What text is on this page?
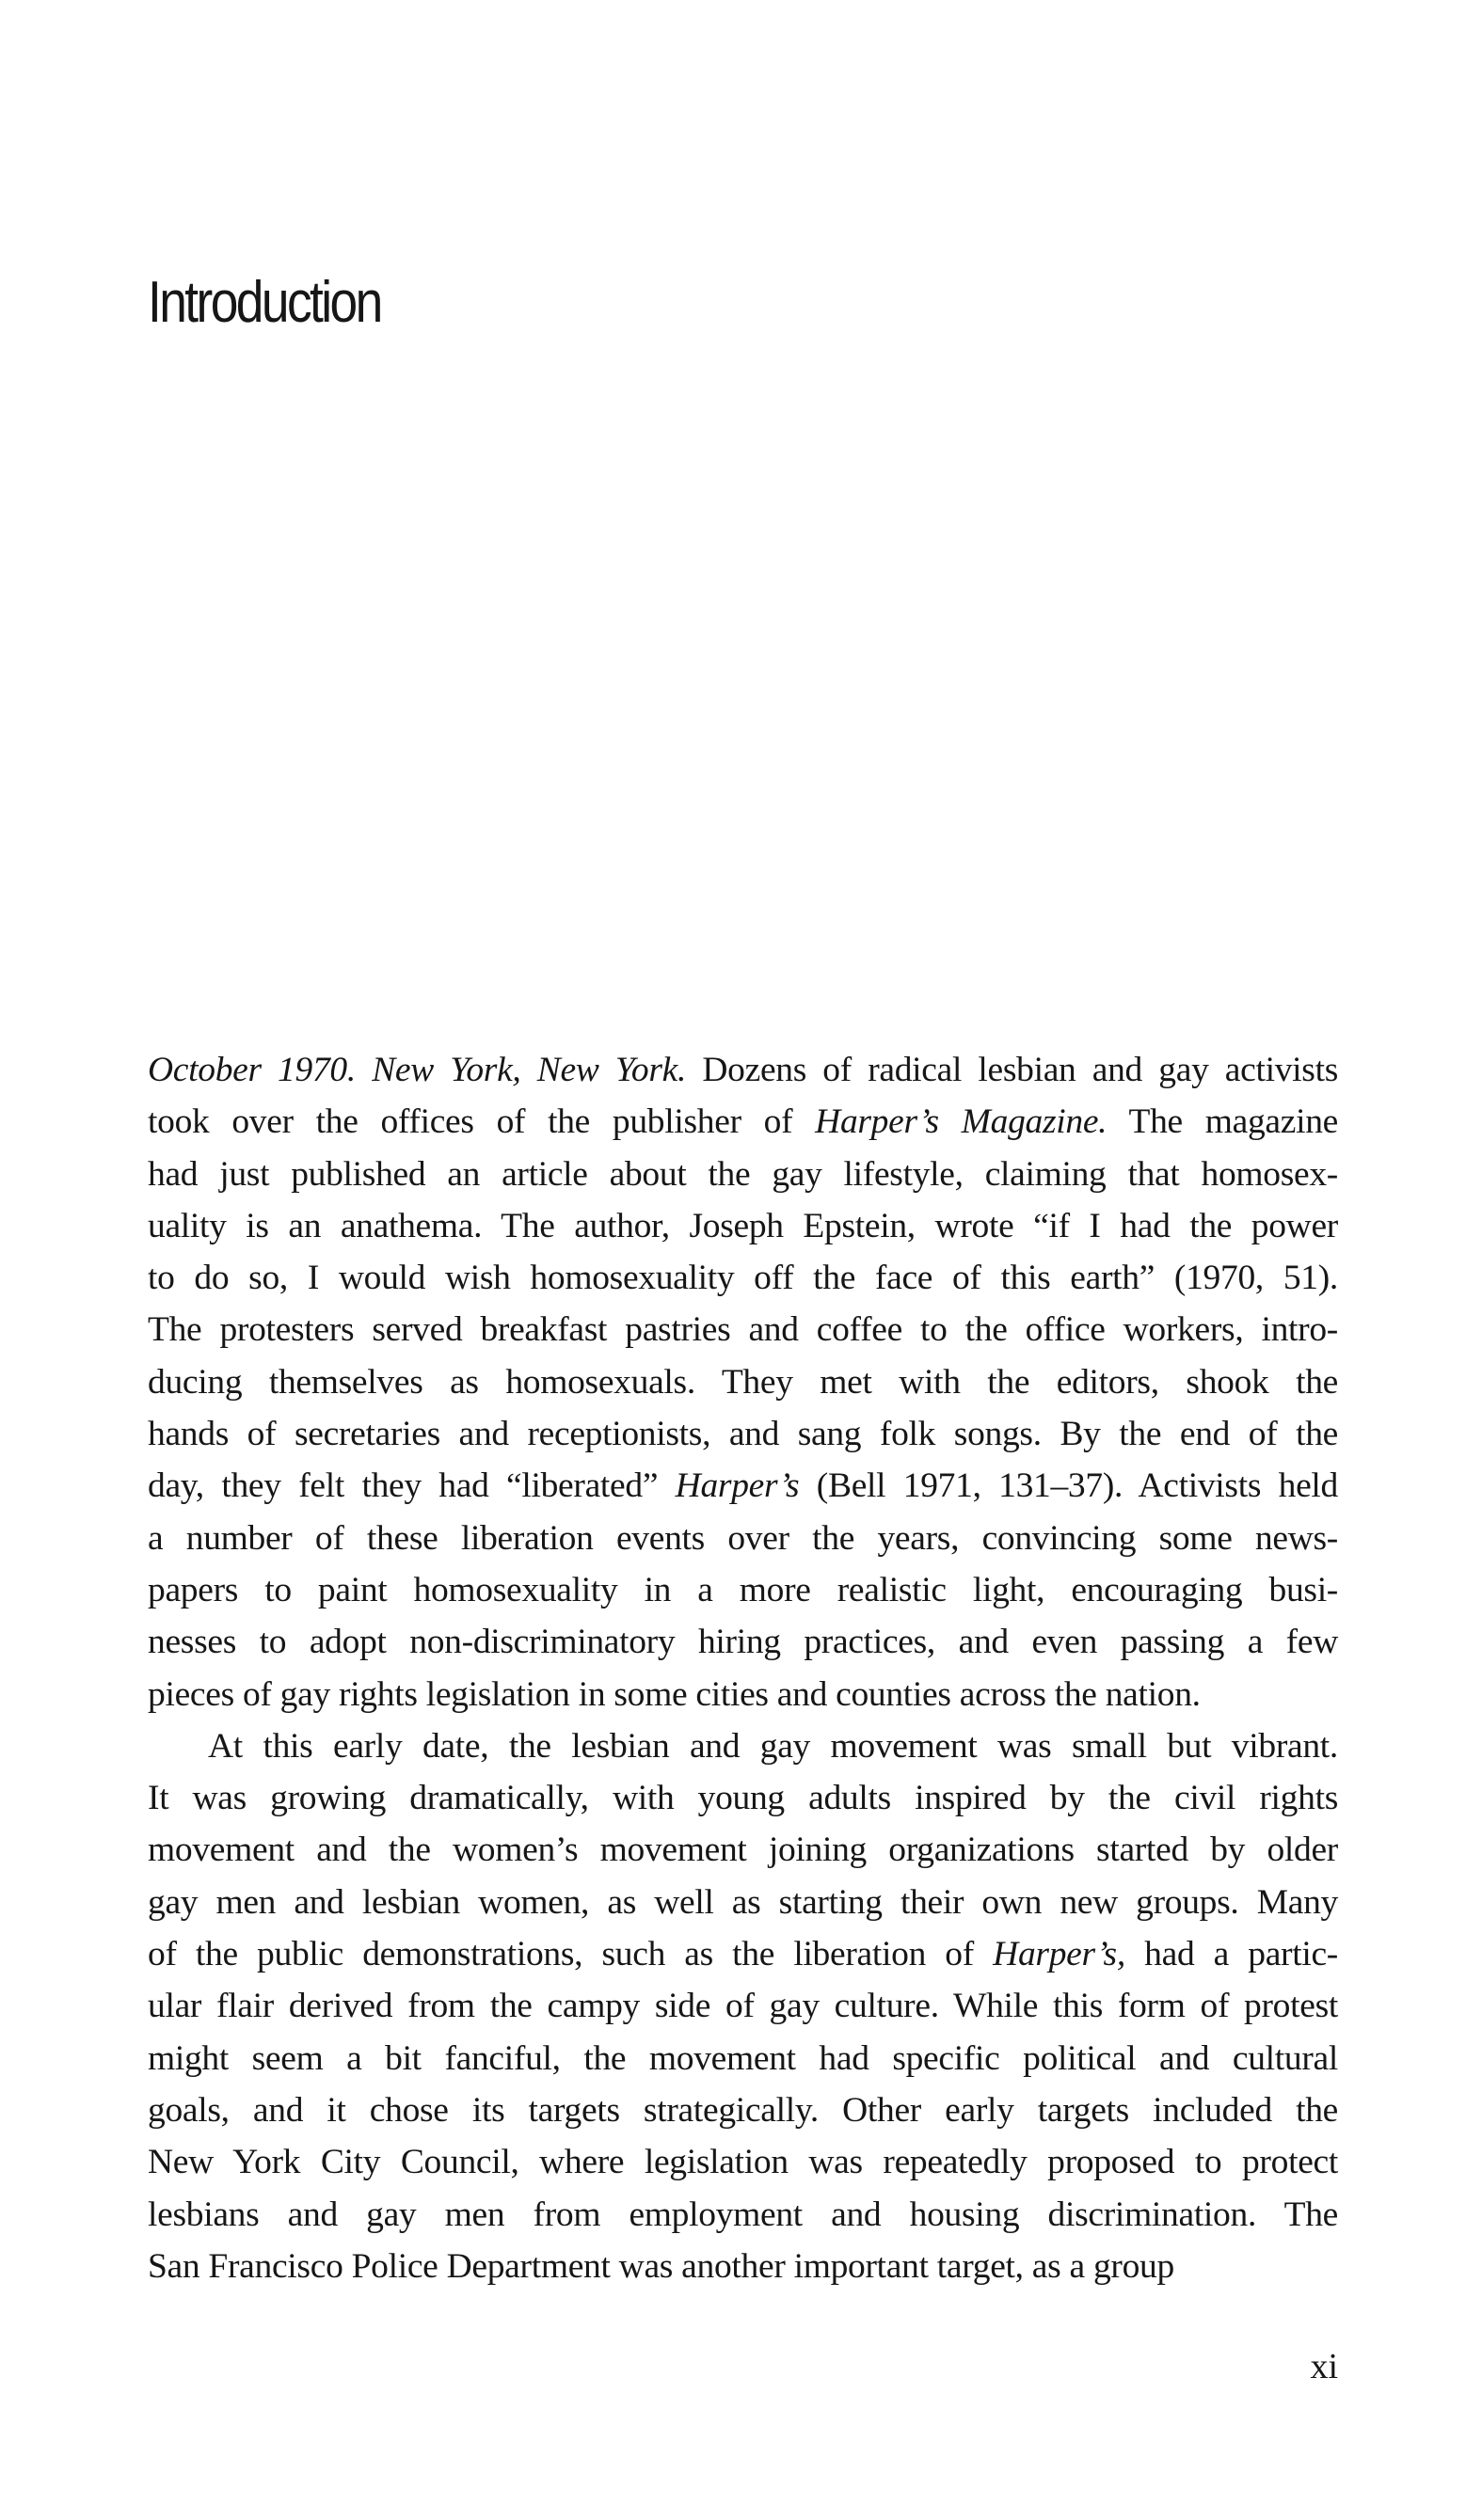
Introduction
October 1970. New York, New York. Dozens of radical lesbian and gay activists
took over the offices of the publisher of Harper’s Magazine. The magazine
had just published an article about the gay lifestyle, claiming that homosex-
uality is an anathema. The author, Joseph Epstein, wrote “if I had the power
to do so, I would wish homosexuality off the face of this earth” (1970, 51).
The protesters served breakfast pastries and coffee to the office workers, intro-
ducing themselves as homosexuals. They met with the editors, shook the
hands of secretaries and receptionists, and sang folk songs. By the end of the
day, they felt they had “liberated” Harper’s (Bell 1971, 131–37). Activists held
a number of these liberation events over the years, convincing some news-
papers to paint homosexuality in a more realistic light, encouraging busi-
nesses to adopt non-discriminatory hiring practices, and even passing a few
pieces of gay rights legislation in some cities and counties across the nation.
At this early date, the lesbian and gay movement was small but vibrant.
It was growing dramatically, with young adults inspired by the civil rights
movement and the women’s movement joining organizations started by older
gay men and lesbian women, as well as starting their own new groups. Many
of the public demonstrations, such as the liberation of Harper’s, had a partic-
ular flair derived from the campy side of gay culture. While this form of protest
might seem a bit fanciful, the movement had specific political and cultural
goals, and it chose its targets strategically. Other early targets included the
New York City Council, where legislation was repeatedly proposed to protect
lesbians and gay men from employment and housing discrimination. The
San Francisco Police Department was another important target, as a group

xi
